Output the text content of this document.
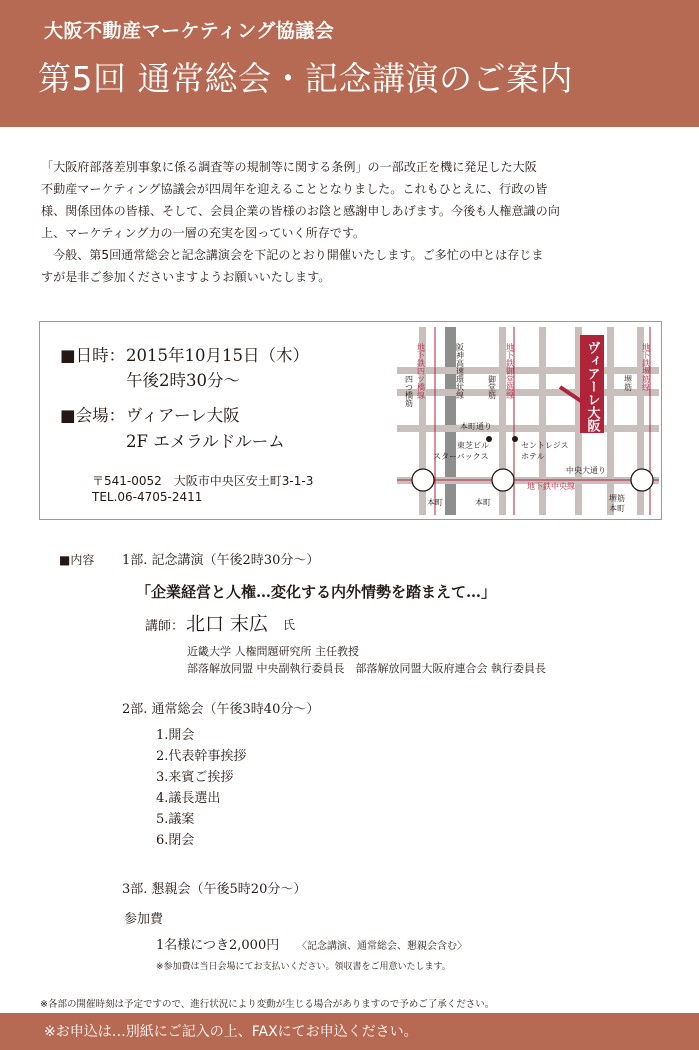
大阪不動産マーケティング協議会
第5回 通常総会・記念講演のご案内

「大阪府部落差別事象に係る調査等の規制等に関する条例」の一部改正を機に発足した大阪

不動産マーケティング協議会が四周年を迎えることとなりました。これもひとえに、行政の皆

様、関係団体の皆様、そして、会員企業の皆様のお陰と感謝申しあげます。今後も人権意識の向

上、マーケティング力の一層の充実を図っていく所存です。

今般、第5回通常総会と記念講演会を下記のとおり開催いたします。ご多忙の中とは存じま

すが是非ご参加くださいますようお願いいたします。

■日時： 2015年10月15日（木）
午後2時30分～
■会場： ヴィアーレ大阪
2F エメラルドルーム
〒541-0052　大阪市中央区安土町3-1-3
TEL.06-4705-2411
地下鉄四ツ橋線
四つ橋筋	阪神高速環状線	御堂筋 地下鉄御堂筋線	ヴィアーレ大阪	堺筋 地下鉄堺筋線
本町通り
東芝ビル
スターバックス
セントレジス
ホテル
中央大通り
本町	本町
地下鉄中央線
堺筋
本町
■内容 1部. 記念講演（午後2時30分～）
「企業経営と人権…変化する内外情勢を踏まえて…」
講師： 北口 末広 氏
近畿大学 人権問題研究所 主任教授
部落解放同盟 中央副執行委員長　部落解放同盟大阪府連合会 執行委員長
2部. 通常総会（午後3時40分～）
1.開会
2.代表幹事挨拶
3.来賓ご挨拶
4.議長選出
5.議案
6.閉会
3部. 懇親会（午後5時20分～）
参加費
1名様につき2,000円 〈記念講演、通常総会、懇親会含む〉
※参加費は当日会場にてお支払いください。領収書をご用意いたします。
※各部の開催時刻は予定ですので、進行状況により変動が生じる場合がありますので予めご了承ください。
※お申込は…別紙にご記入の上、FAXにてお申込ください。
